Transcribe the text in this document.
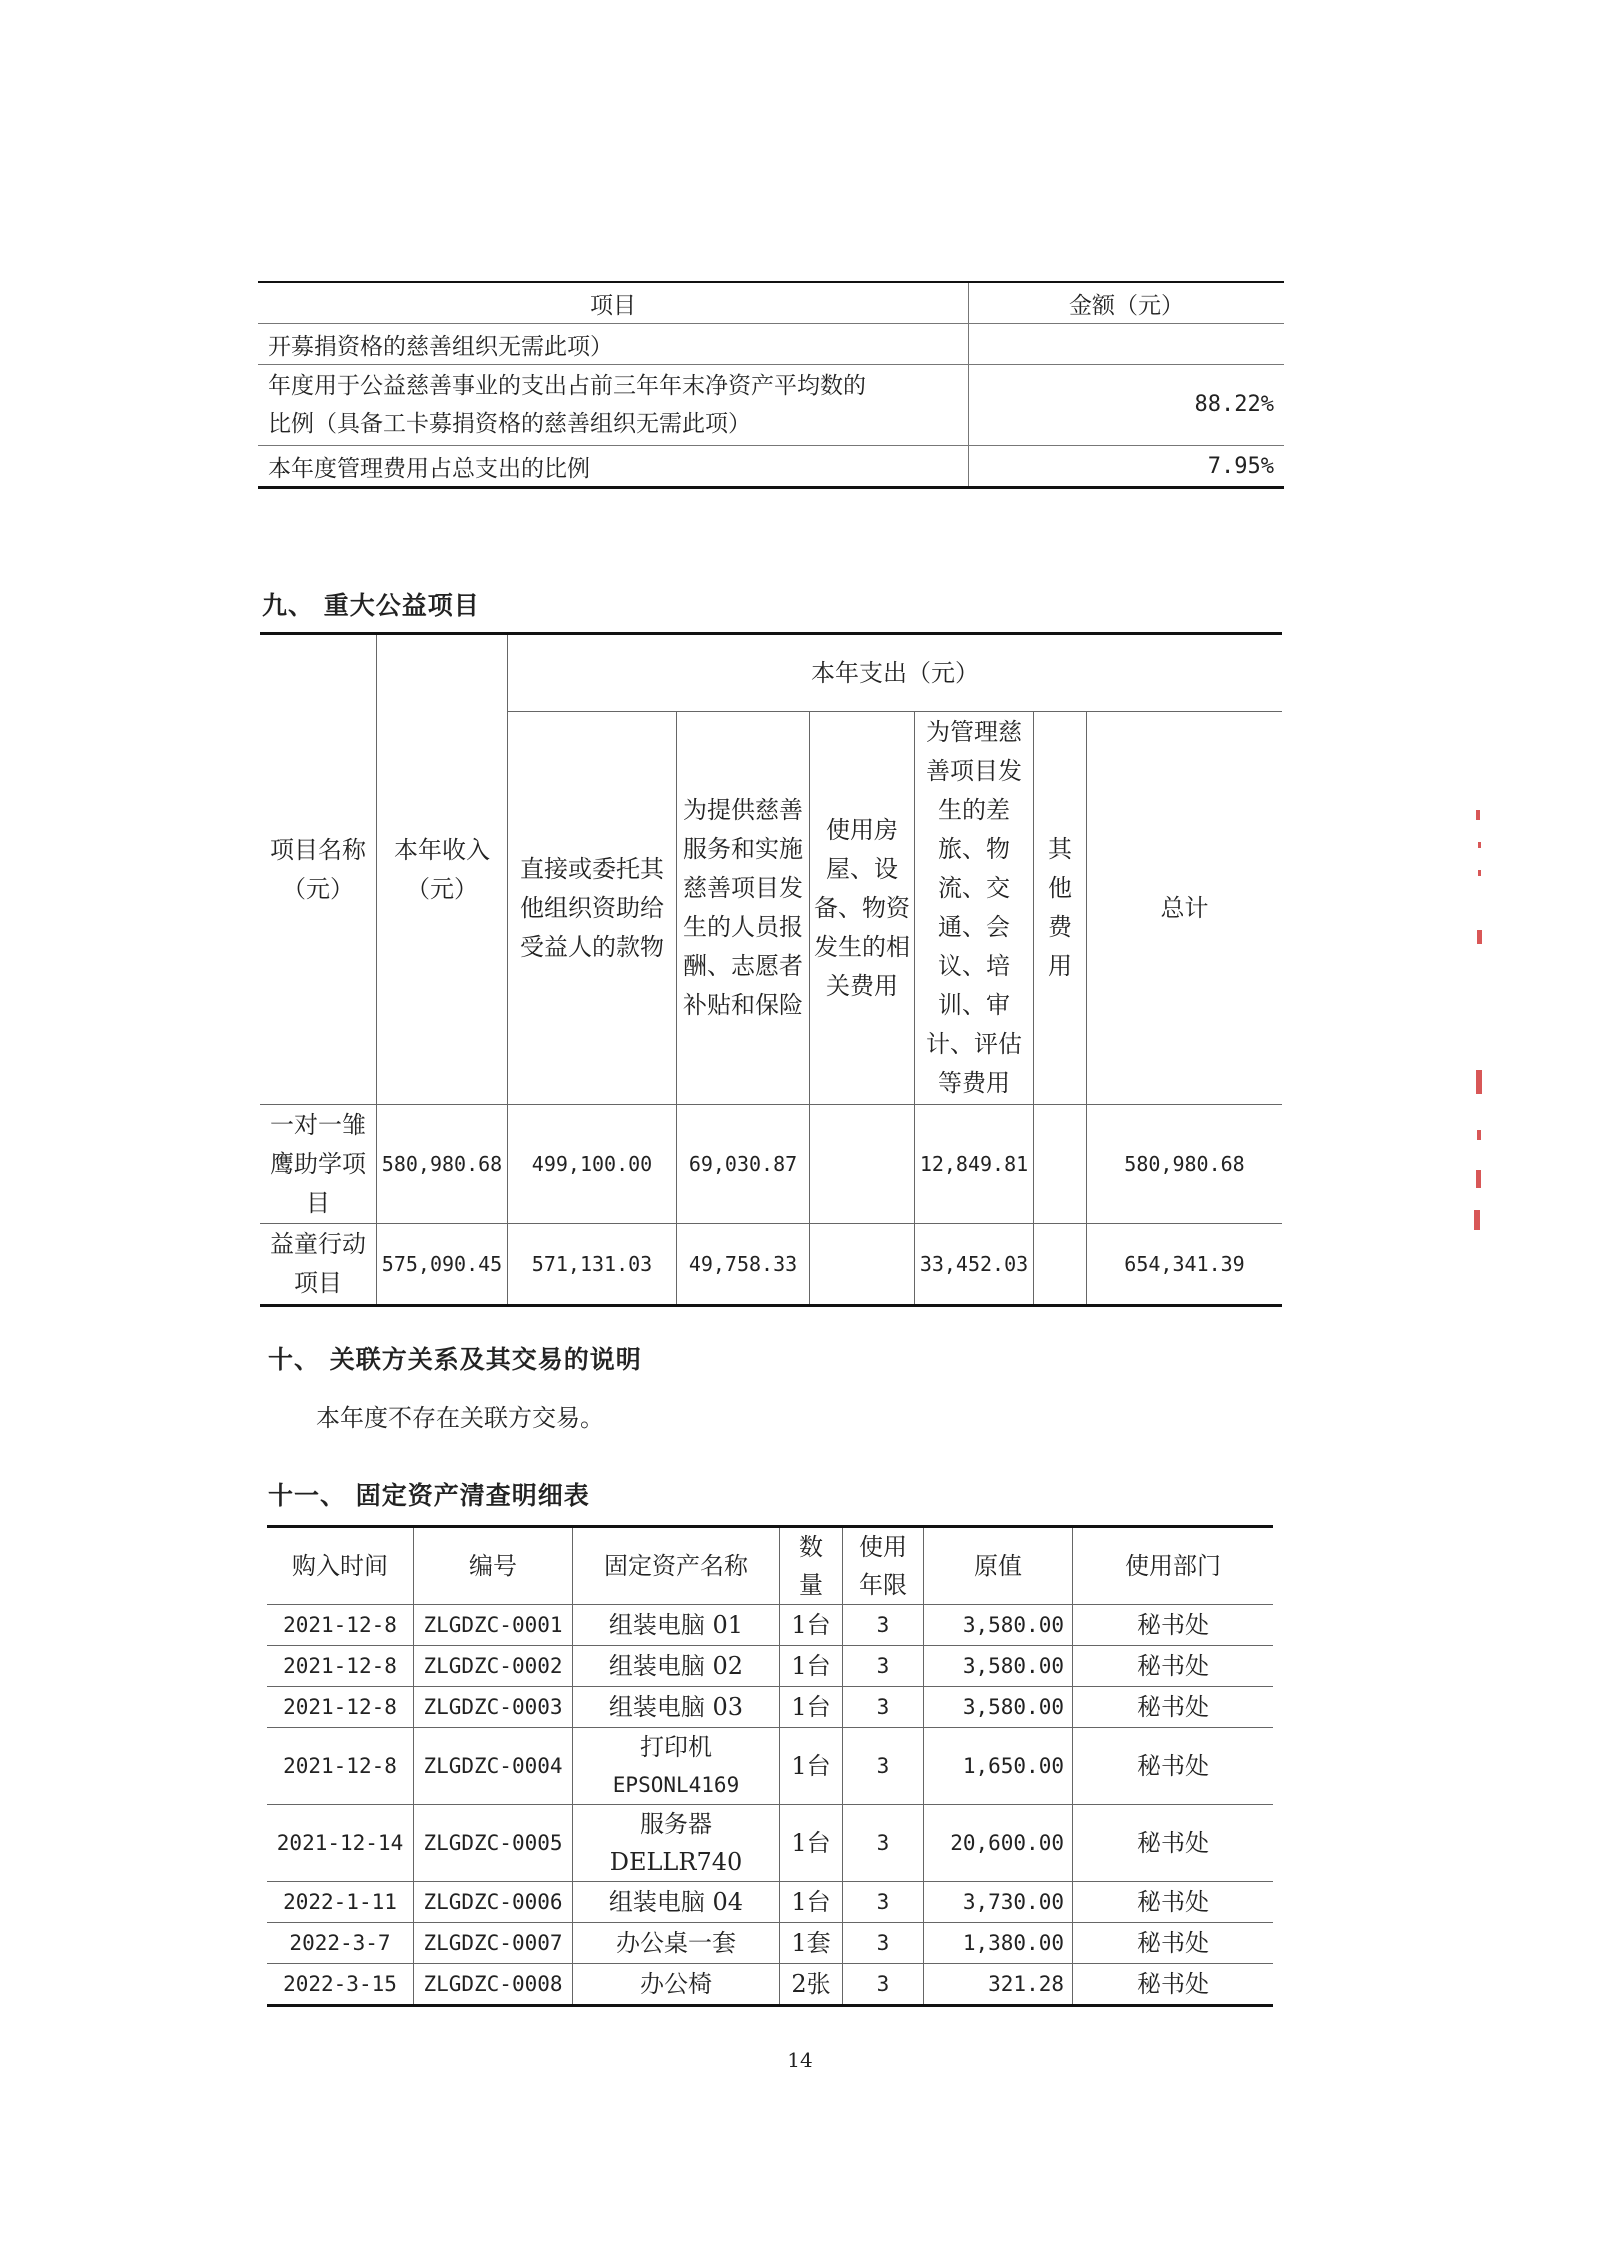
项目	金额（元）
开募捐资格的慈善组织无需此项）	

年度用于公益慈善事业的支出占前三年年末净资产平均数的
比例（具备工卡募捐资格的慈善组织无需此项）	88.22%
本年度管理费用占总支出的比例	7.95%
九、 重大公益项目
项目名称（元）	本年收入（元）	本年支出（元）					
		直接或委托其他组织资助给受益人的款物	为提供慈善服务和实施慈善项目发生的人员报酬、志愿者补贴和保险	使用房屋、设备、物资发生的相关费用	为管理慈善项目发生的差旅、物流、交通、会议、培训、审计、评估等费用	其他费用	总计
一对一雏鹰助学项目	580,980.68	499,100.00	69,030.87		12,849.81		580,980.68
益童行动项目	575,090.45	571,131.03	49,758.33		33,452.03		654,341.39
十、 关联方关系及其交易的说明
本年度不存在关联方交易。
十一、 固定资产清查明细表
购入时间	编号	固定资产名称	数量	使用年限	原值	使用部门
2021-12-8	ZLGDZC-0001	组装电脑 01	1台	3	3,580.00	秘书处
2021-12-8	ZLGDZC-0002	组装电脑 02	1台	3	3,580.00	秘书处
2021-12-8	ZLGDZC-0003	组装电脑 03	1台	3	3,580.00	秘书处
2021-12-8	ZLGDZC-0004	打印机
EPSONL4169	1台	3	1,650.00	秘书处
2021-12-14	ZLGDZC-0005	服务器 DELLR740	1台	3	20,600.00	秘书处
2022-1-11	ZLGDZC-0006	组装电脑 04	1台	3	3,730.00	秘书处
2022-3-7	ZLGDZC-0007	办公桌一套	1套	3	1,380.00	秘书处
2022-3-15	ZLGDZC-0008	办公椅	2张	3	321.28	秘书处
14
